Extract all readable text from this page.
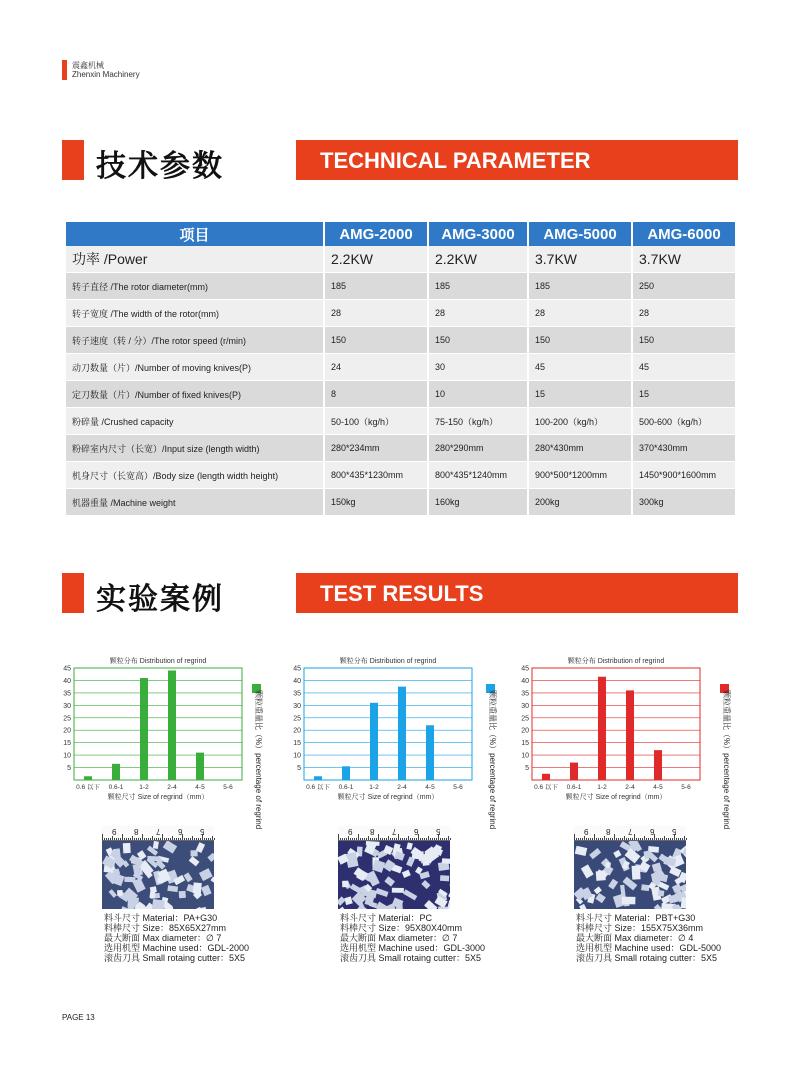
震鑫机械
Zhenxin Machinery
技术参数	TECHNICAL PARAMETER
项目	AMG-2000	AMG-3000	AMG-5000	AMG-6000
功率 /Power	2.2KW	2.2KW	3.7KW	3.7KW
转子直径 /The rotor diameter(mm)	185	185	185	250
转子宽度 /The width of the rotor(mm)	28	28	28	28
转子速度（转 / 分）/The rotor speed (r/min)	150	150	150	150
动刀数量（片）/Number of moving knives(P)	24	30	45	45
定刀数量（片）/Number of fixed knives(P)	8	10	15	15
粉碎量 /Crushed capacity	50-100（kg/h）	75-150（kg/h）	100-200（kg/h）	500-600（kg/h）
粉碎室内尺寸（长宽）/Input size (length width)	280*234mm	280*290mm	280*430mm	370*430mm
机身尺寸（长宽高）/Body size (length width height)	800*435*1230mm	800*435*1240mm	900*500*1200mm	1450*900*1600mm
机器重量 /Machine weight	150kg	160kg	200kg	300kg
实验案例	TEST RESULTS
颗粒分布 Distribution of regrind
5
10
15
20
25
30
35
40
45
0.6 以下 0.6-1 1-2	2-4	4-5	5-6
颗粒尺寸 Size of regrind（mm）
颗粒分布 Distribution of regrind
5
10
15
20
25
30
35
40
45
0.6 以下 0.6-1 1-2	2-4	4-5	5-6
颗粒尺寸 Size of regrind（mm）
颗粒分布 Distribution of regrind
5
10
15
20
25
30
35
40
45
0.6 以下 0.6-1 1-2	2-4	4-5	5-6
颗粒尺寸 Size of regrind（mm）
颗粒重量比（%）percentage of regrind	颗粒重量比（%）percentage of regrind	颗粒重量比（%）percentage of regrind
9 8 7 6 5	9 8 7 6 5	9 8 7 6 5
料斗尺寸 Material：PA+G30
料棒尺寸 Size：85X65X27mm
最大断面 Max diameter：∅ 7
选用机型 Machine used：GDL-2000
滚齿刀具 Small rotaing cutter：5X5
料斗尺寸 Material：PC
料棒尺寸 Size：95X80X40mm
最大断面 Max diameter：∅ 7
选用机型 Machine used：GDL-3000
滚齿刀具 Small rotaing cutter：5X5
料斗尺寸 Material：PBT+G30
料棒尺寸 Size：155X75X36mm
最大断面 Max diameter：∅ 4
选用机型 Machine used：GDL-5000
滚齿刀具 Small rotaing cutter：5X5
PAGE 13
